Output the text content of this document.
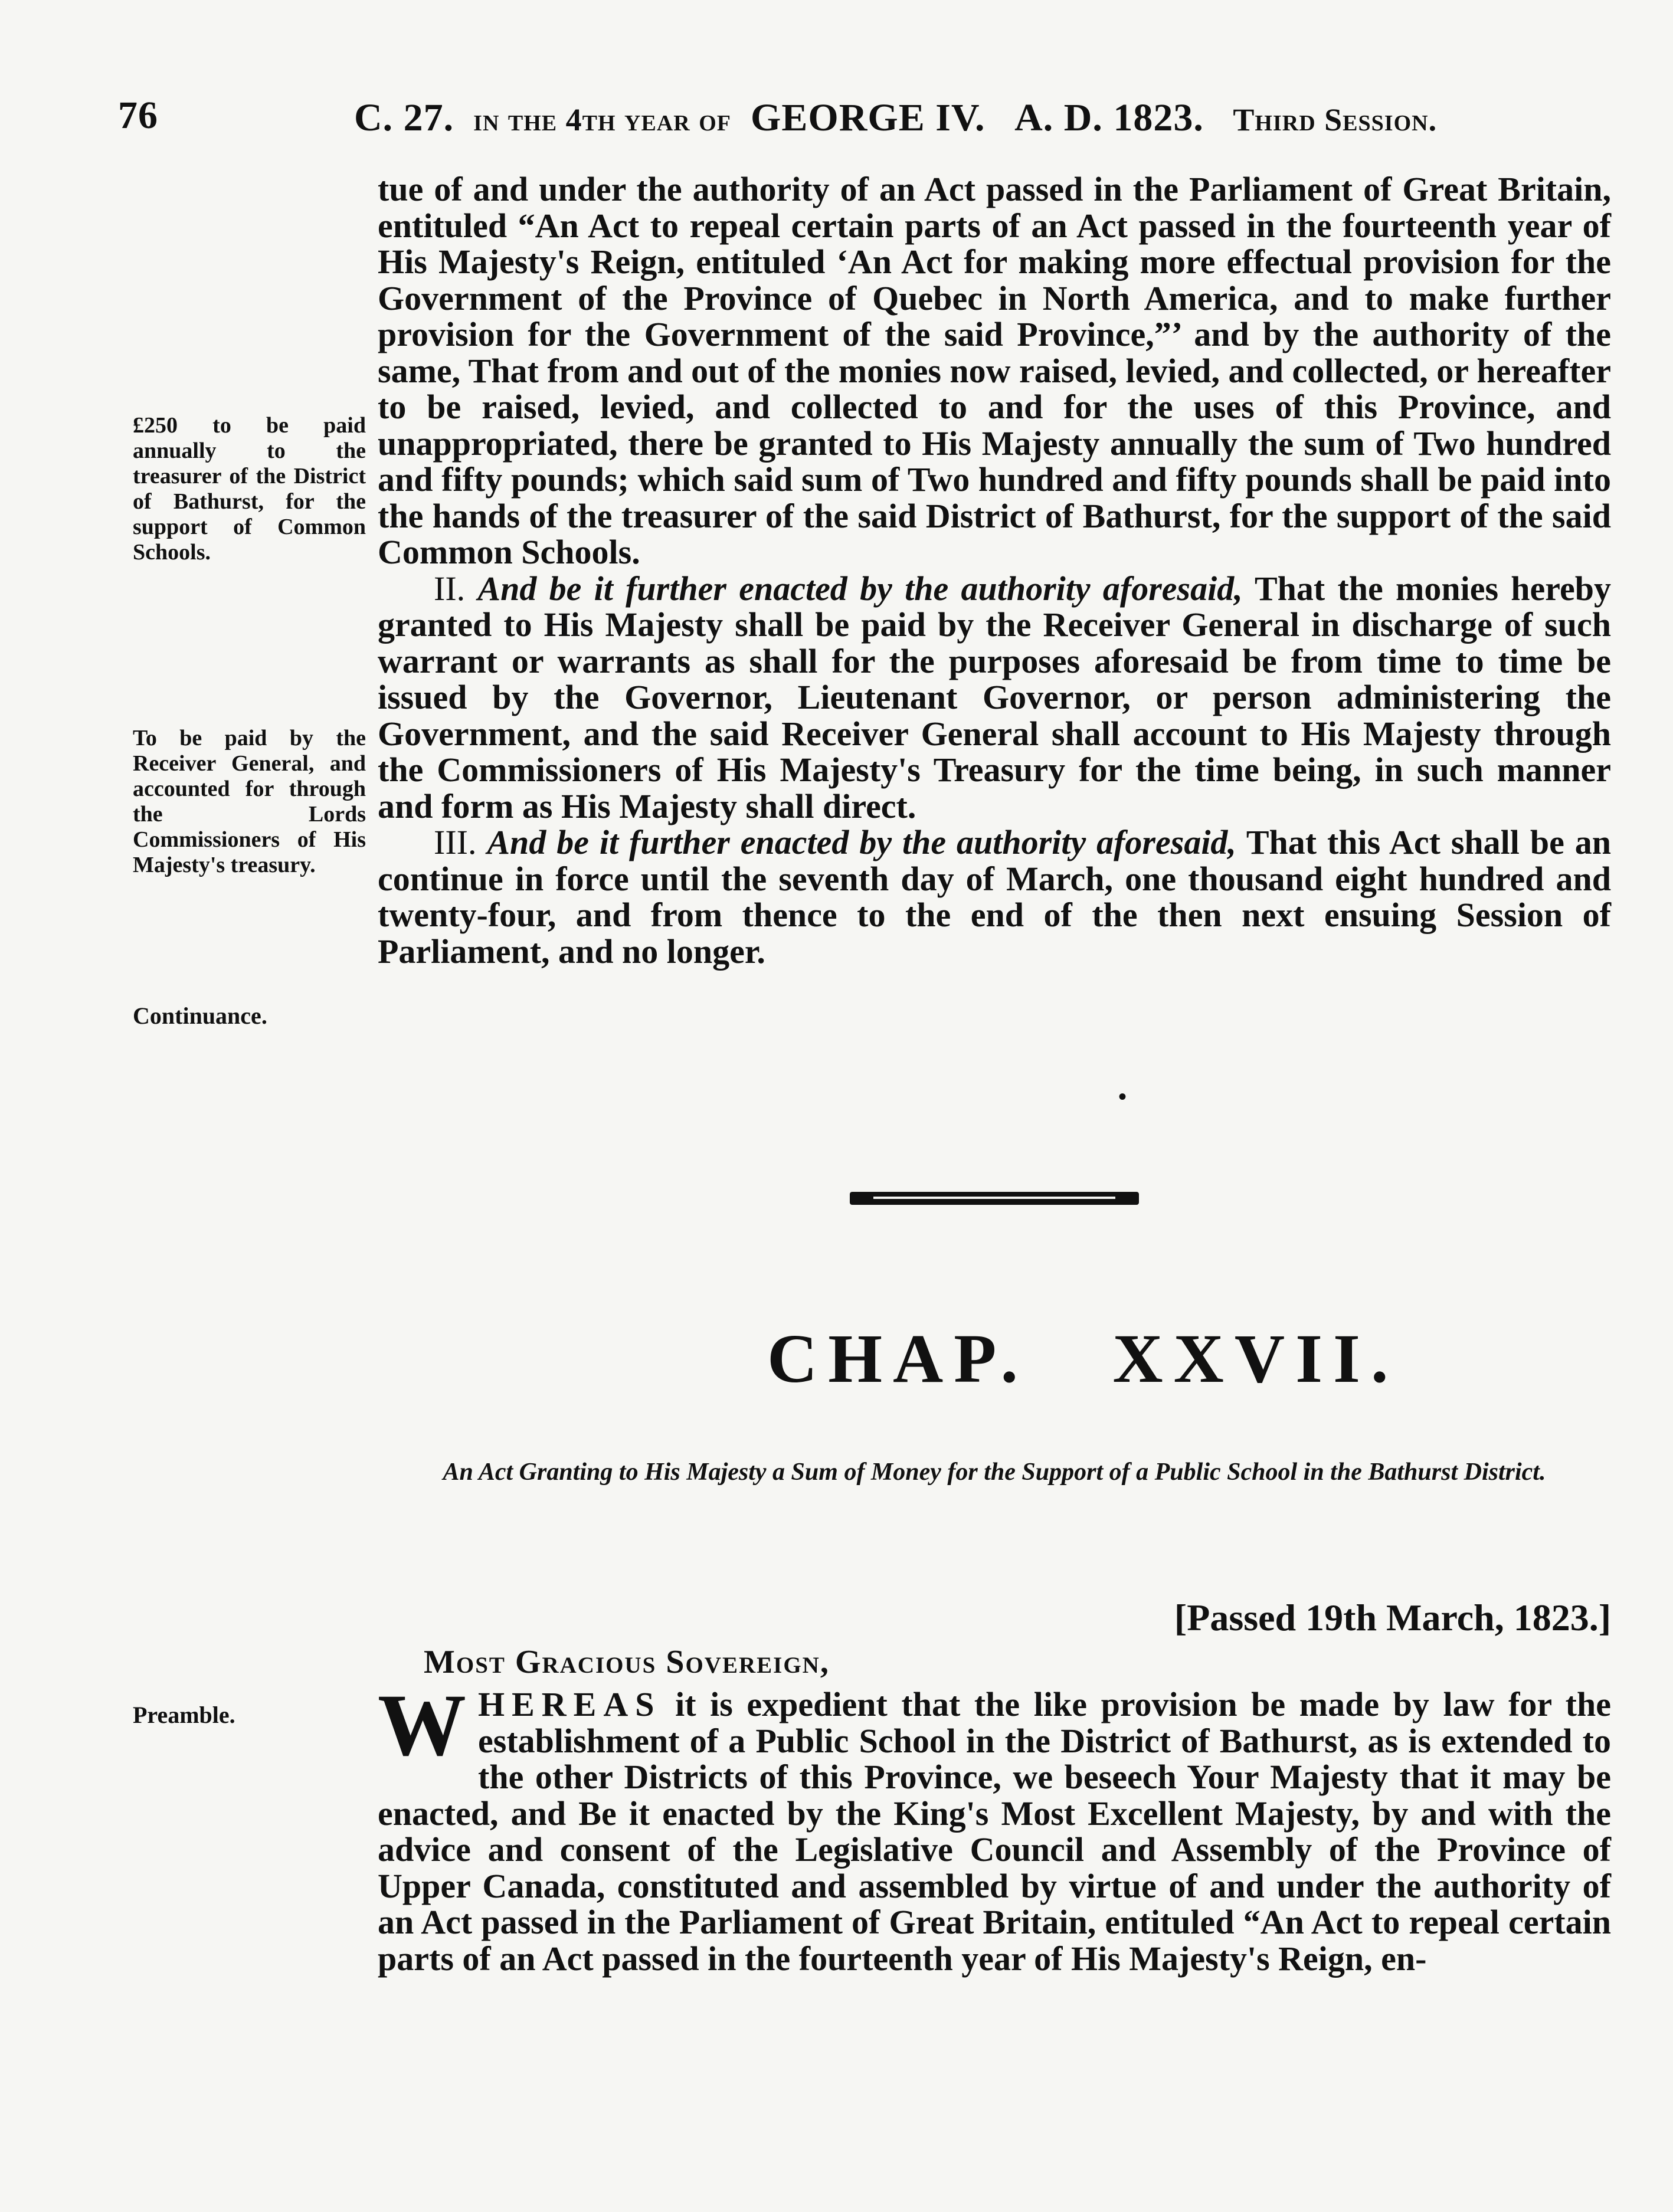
76	C. 27. in the 4th year of GEORGE IV. A. D. 1823. Third Session.

tue of and under the authority of an Act passed in the Parliament of Great Britain, entituled “An Act to repeal certain parts of an Act passed in the fourteenth year of His Majesty's Reign, entituled ‘An Act for making more effectual provision for the Government of the Province of Quebec in North America, and to make further provision for the Government of the said Province,”’ and by the authority of the same, That from and out of the monies now raised, levied, and collected, or hereafter to be raised, levied, and collected to and for the uses of this Province, and unappropriated, there be granted to His Majesty annually the sum of Two hundred and fifty pounds; which said sum of Two hundred and fifty pounds shall be paid into the hands of the treasurer of the said District of Bathurst, for the support of the said Common Schools.

II. And be it further enacted by the authority aforesaid, That the monies hereby granted to His Majesty shall be paid by the Receiver General in discharge of such warrant or warrants as shall for the purposes aforesaid be from time to time be issued by the Governor, Lieutenant Governor, or person administering the Government, and the said Receiver General shall account to His Majesty through the Commissioners of His Majesty's Treasury for the time being, in such manner and form as His Majesty shall direct.

III. And be it further enacted by the authority aforesaid, That this Act shall be an continue in force until the seventh day of March, one thousand eight hundred and twenty-four, and from thence to the end of the then next ensuing Session of Parliament, and no longer.

£250 to be paid annually to the treasurer of the District of Bathurst, for the support of Common Schools.
To be paid by the Receiver General, and accounted for through the Lords Commissioners of His Majesty's treasury.
Continuance.
•
CHAP. XXVII.
An Act Granting to His Majesty a Sum of Money for the Support of a Public School in the Bathurst District.
[Passed 19th March, 1823.]
Most Gracious Sovereign,
Preamble.	WHEREAS it is expedient that the like provision be made by law for the establishment of a Public School in the District of Bathurst, as is extended to the other Districts of this Province, we beseech Your Majesty that it may be enacted, and Be it enacted by the King's Most Excellent Majesty, by and with the advice and consent of the Legislative Council and Assembly of the Province of Upper Canada, constituted and assembled by virtue of and under the authority of an Act passed in the Parliament of Great Britain, entituled “An Act to repeal certain parts of an Act passed in the fourteenth year of His Majesty's Reign, en-
